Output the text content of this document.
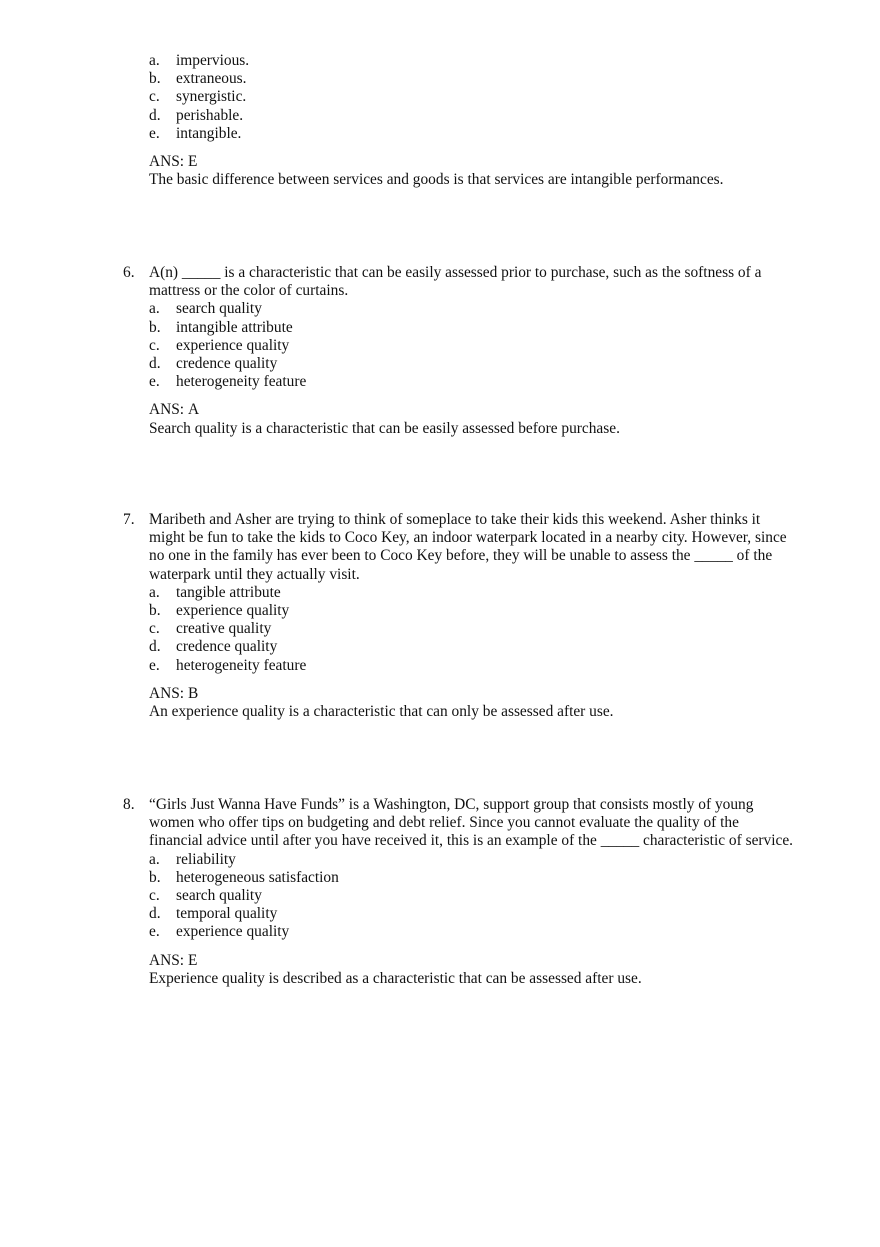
a.	impervious.
b.	extraneous.
c.	synergistic.
d.	perishable.
e.	intangible.
ANS: E
The basic difference between services and goods is that services are intangible performances.
6. A(n) _____ is a characteristic that can be easily assessed prior to purchase, such as the softness of a mattress or the color of curtains.
a.	search quality
b.	intangible attribute
c.	experience quality
d.	credence quality
e.	heterogeneity feature
ANS: A
Search quality is a characteristic that can be easily assessed before purchase.
7. Maribeth and Asher are trying to think of someplace to take their kids this weekend. Asher thinks it might be fun to take the kids to Coco Key, an indoor waterpark located in a nearby city. However, since no one in the family has ever been to Coco Key before, they will be unable to assess the _____ of the waterpark until they actually visit.
a.	tangible attribute
b.	experience quality
c.	creative quality
d.	credence quality
e.	heterogeneity feature
ANS: B
An experience quality is a characteristic that can only be assessed after use.
8. “Girls Just Wanna Have Funds” is a Washington, DC, support group that consists mostly of young women who offer tips on budgeting and debt relief. Since you cannot evaluate the quality of the financial advice until after you have received it, this is an example of the _____ characteristic of service.
a.	reliability
b.	heterogeneous satisfaction
c.	search quality
d.	temporal quality
e.	experience quality
ANS: E
Experience quality is described as a characteristic that can be assessed after use.
